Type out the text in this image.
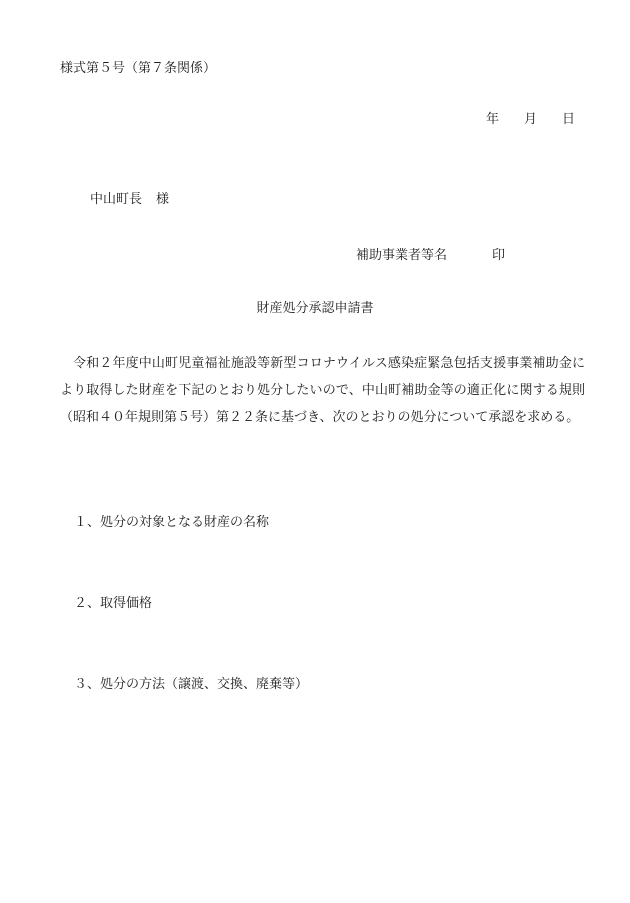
様式第５号（第７条関係）
年 月 日
中山町長 様
補助事業者等名	印
財産処分承認申請書
令和２年度中山町児童福祉施設等新型コロナウイルス感染症緊急包括支援事業補助金により取得した財産を下記のとおり処分したいので、中山町補助金等の適正化に関する規則（昭和４０年規則第５号）第２２条に基づき、次のとおりの処分について承認を求める。
１、処分の対象となる財産の名称
２、取得価格
３、処分の方法（譲渡、交換、廃棄等）
